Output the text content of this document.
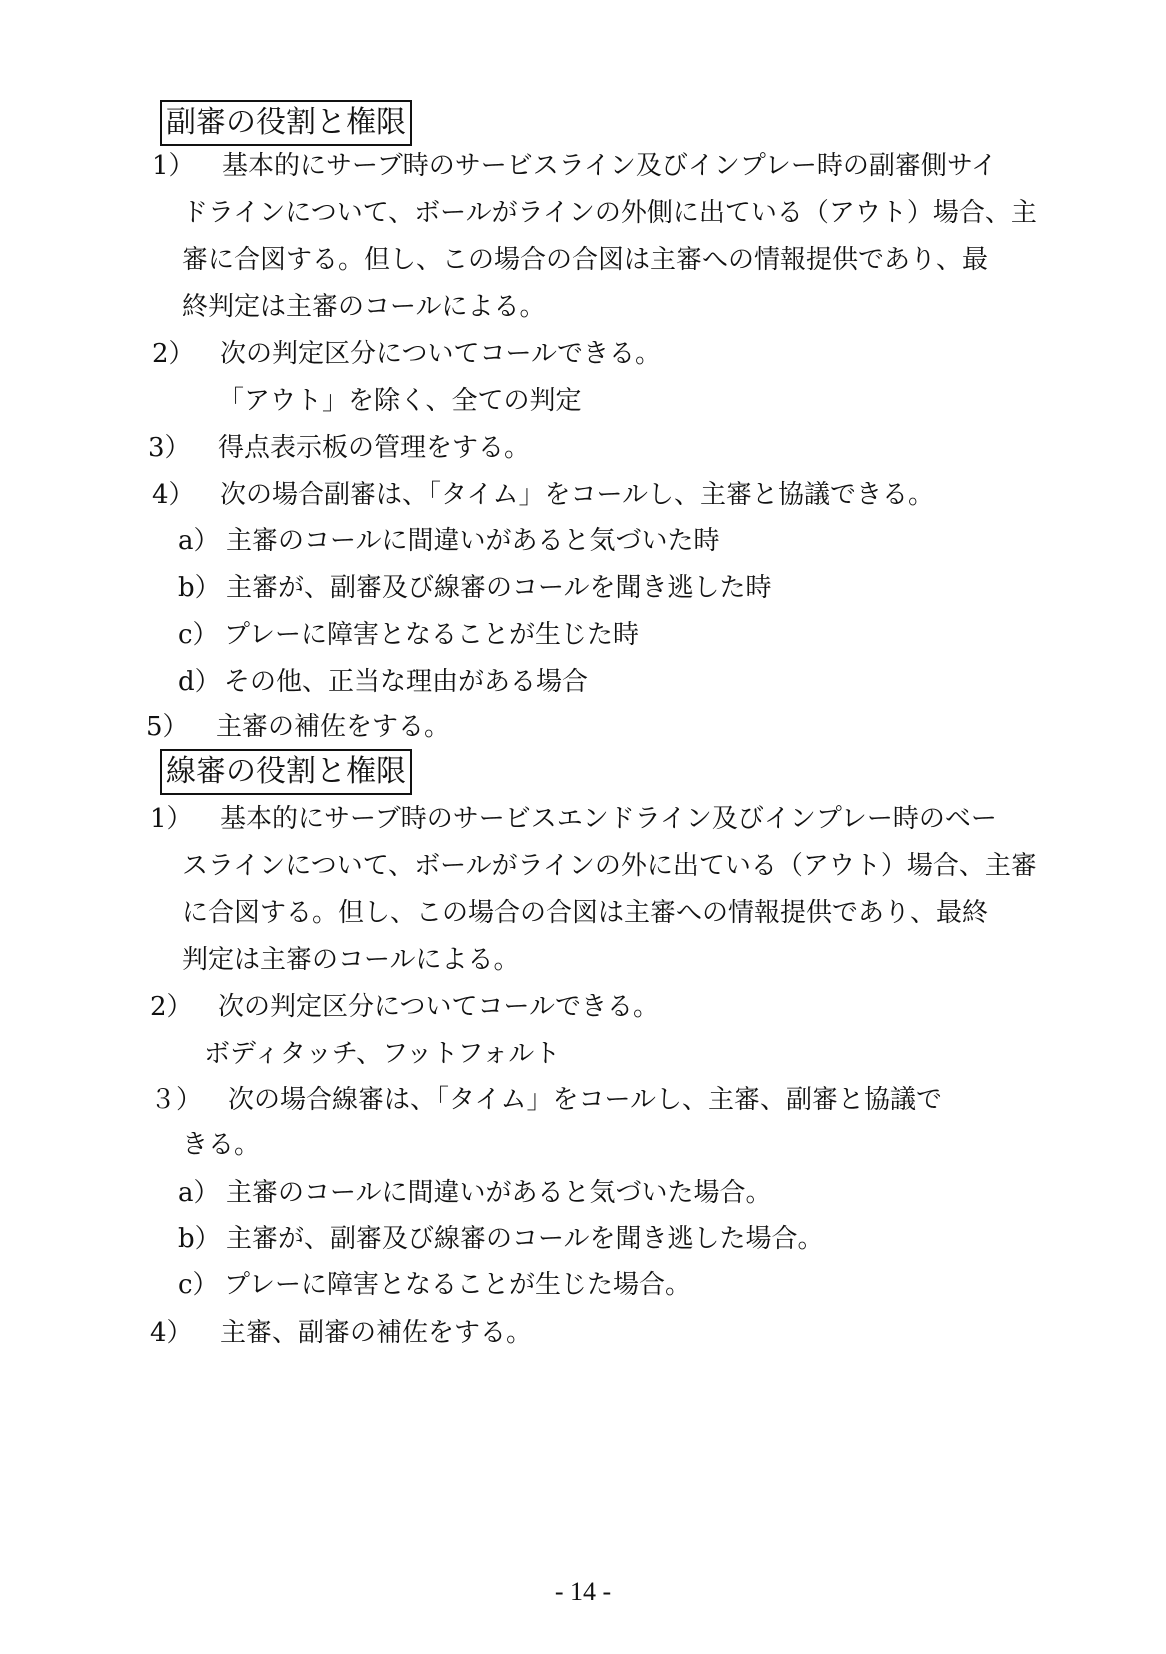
副審の役割と権限
1） 基本的にサーブ時のサービスライン及びインプレー時の副審側サイ
ドラインについて、ボールがラインの外側に出ている（アウト）場合、主
審に合図する。但し、この場合の合図は主審への情報提供であり、最
終判定は主審のコールによる。
2） 次の判定区分についてコールできる。
「アウト」を除く、全ての判定
3） 得点表示板の管理をする。
4） 次の場合副審は、「タイム」をコールし、主審と協議できる。
a） 主審のコールに間違いがあると気づいた時
b） 主審が、副審及び線審のコールを聞き逃した時
c） プレーに障害となることが生じた時
d） その他、正当な理由がある場合
5） 主審の補佐をする。
線審の役割と権限
1） 基本的にサーブ時のサービスエンドライン及びインプレー時のベー
スラインについて、ボールがラインの外に出ている（アウト）場合、主審
に合図する。但し、この場合の合図は主審への情報提供であり、最終
判定は主審のコールによる。
2） 次の判定区分についてコールできる。
ボディタッチ、フットフォルト
３） 次の場合線審は、「タイム」をコールし、主審、副審と協議で
きる。
a） 主審のコールに間違いがあると気づいた場合。
b） 主審が、副審及び線審のコールを聞き逃した場合。
c） プレーに障害となることが生じた場合。
4） 主審、副審の補佐をする。
- 14 -
